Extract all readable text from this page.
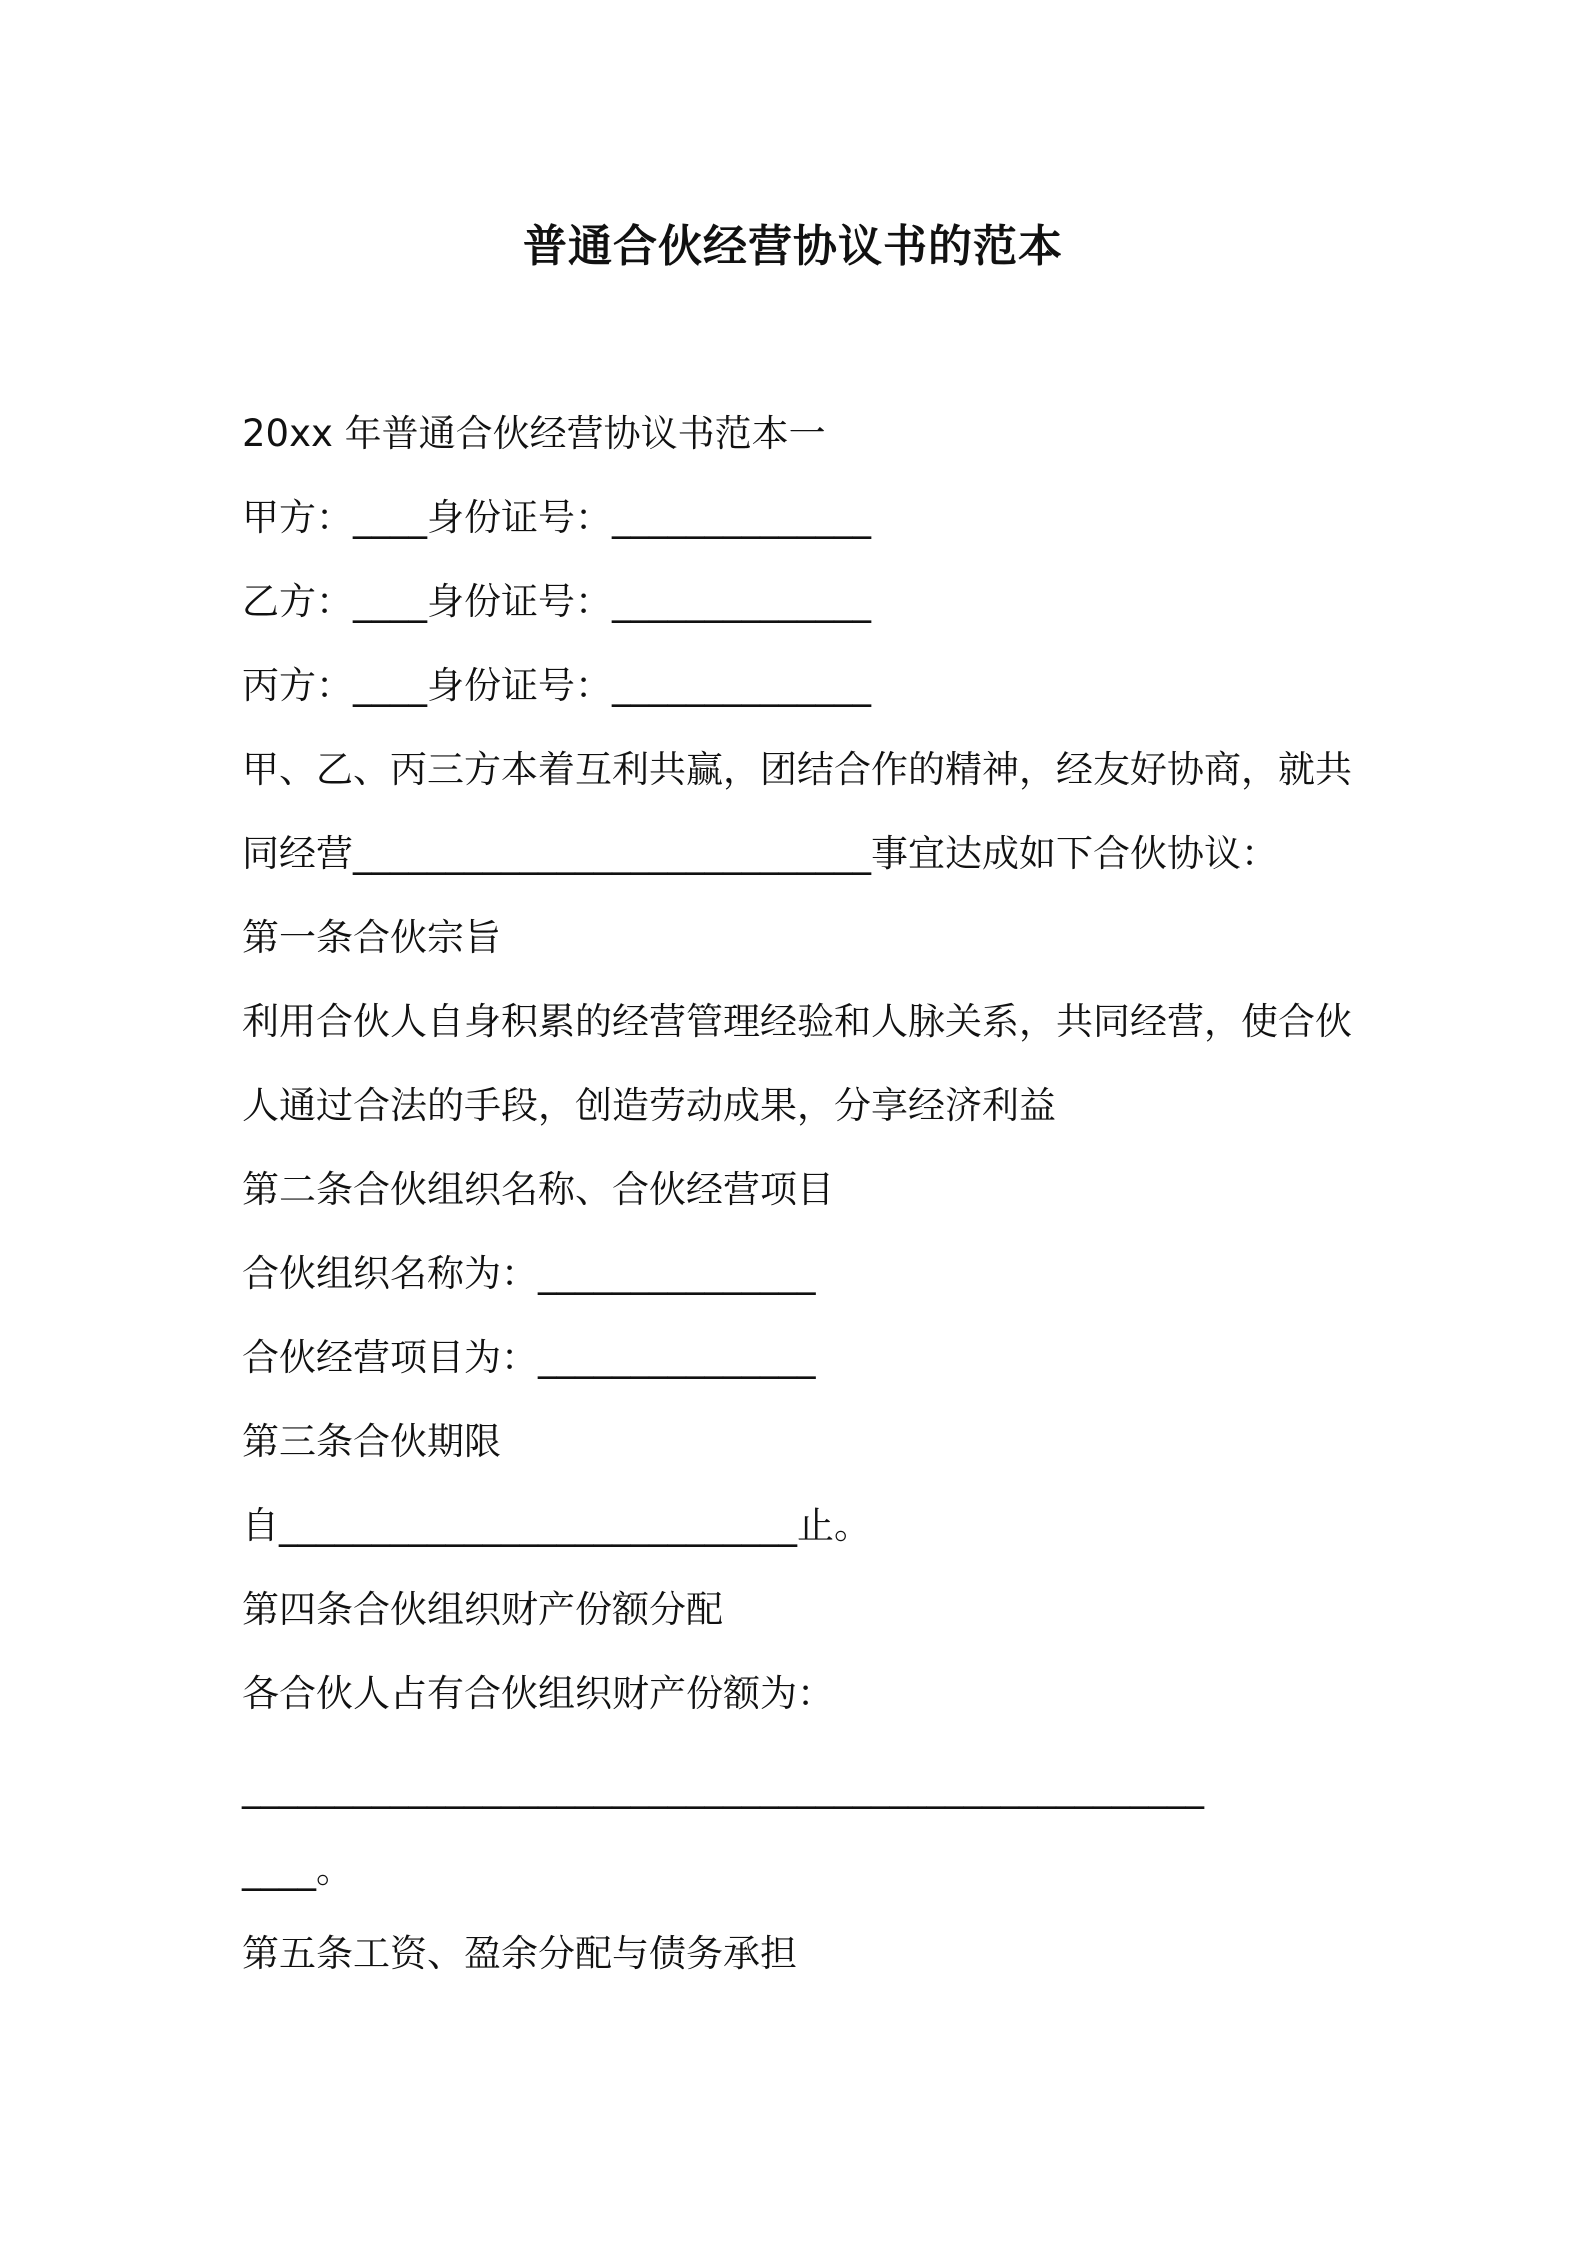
普通合伙经营协议书的范本
20xx 年普通合伙经营协议书范本一
甲方：____身份证号：______________
乙方：____身份证号：______________
丙方：____身份证号：______________
甲、乙、丙三方本着互利共赢，团结合作的精神，经友好协商，就共
同经营____________________________事宜达成如下合伙协议：
第一条合伙宗旨
利用合伙人自身积累的经营管理经验和人脉关系，共同经营，使合伙
人通过合法的手段，创造劳动成果，分享经济利益
第二条合伙组织名称、合伙经营项目
合伙组织名称为：_______________
合伙经营项目为：_______________
第三条合伙期限
自____________________________止。
第四条合伙组织财产份额分配
各合伙人占有合伙组织财产份额为：
____________________________________________________
____。
第五条工资、盈余分配与债务承担
